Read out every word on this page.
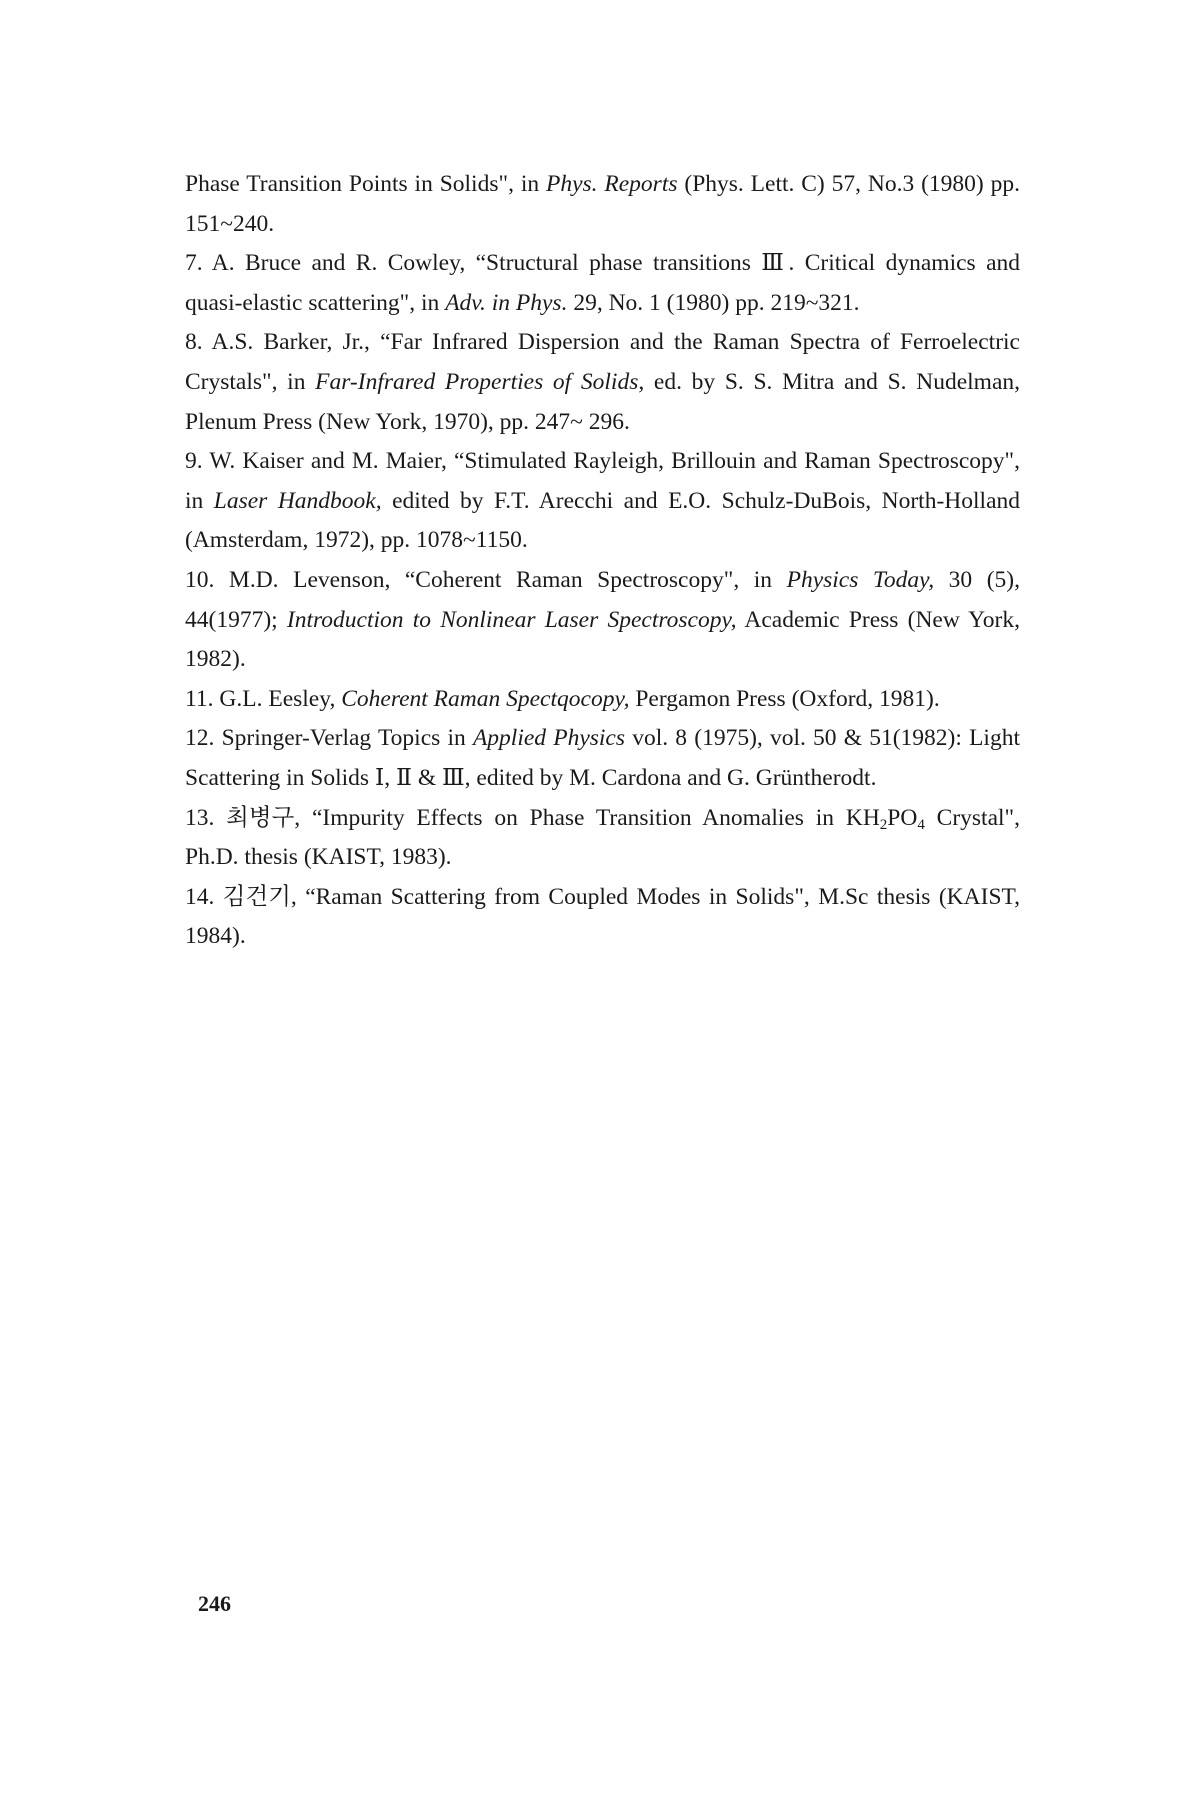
Phase Transition Points in Solids", in Phys. Reports (Phys. Lett. C) 57, No.3 (1980) pp. 151~240.

7. A. Bruce and R. Cowley, “Structural phase transitions Ⅲ. Critical dynamics and quasi-elastic scattering", in Adv. in Phys. 29, No. 1 (1980) pp. 219~321.

8. A.S. Barker, Jr., “Far Infrared Dispersion and the Raman Spectra of Ferroelectric Crystals", in Far-Infrared Properties of Solids, ed. by S. S. Mitra and S. Nudelman, Plenum Press (New York, 1970), pp. 247~ 296.

9. W. Kaiser and M. Maier, “Stimulated Rayleigh, Brillouin and Raman Spectroscopy", in Laser Handbook, edited by F.T. Arecchi and E.O. Schulz-DuBois, North-Holland (Amsterdam, 1972), pp. 1078~1150.

10. M.D. Levenson, “Coherent Raman Spectroscopy", in Physics Today, 30 (5), 44(1977); Introduction to Nonlinear Laser Spectroscopy, Academic Press (New York, 1982).

11. G.L. Eesley, Coherent Raman Spectqocopy, Pergamon Press (Oxford, 1981).

12. Springer-Verlag Topics in Applied Physics vol. 8 (1975), vol. 50 & 51(1982): Light Scattering in Solids Ⅰ, Ⅱ & Ⅲ, edited by M. Cardona and G. Grüntherodt.

13. 최병구, “Impurity Effects on Phase Transition Anomalies in $KH_2PO_4$ Crystal", Ph.D. thesis (KAIST, 1983).

14. 김건기, “Raman Scattering from Coupled Modes in Solids", M.Sc thesis (KAIST, 1984).

246
